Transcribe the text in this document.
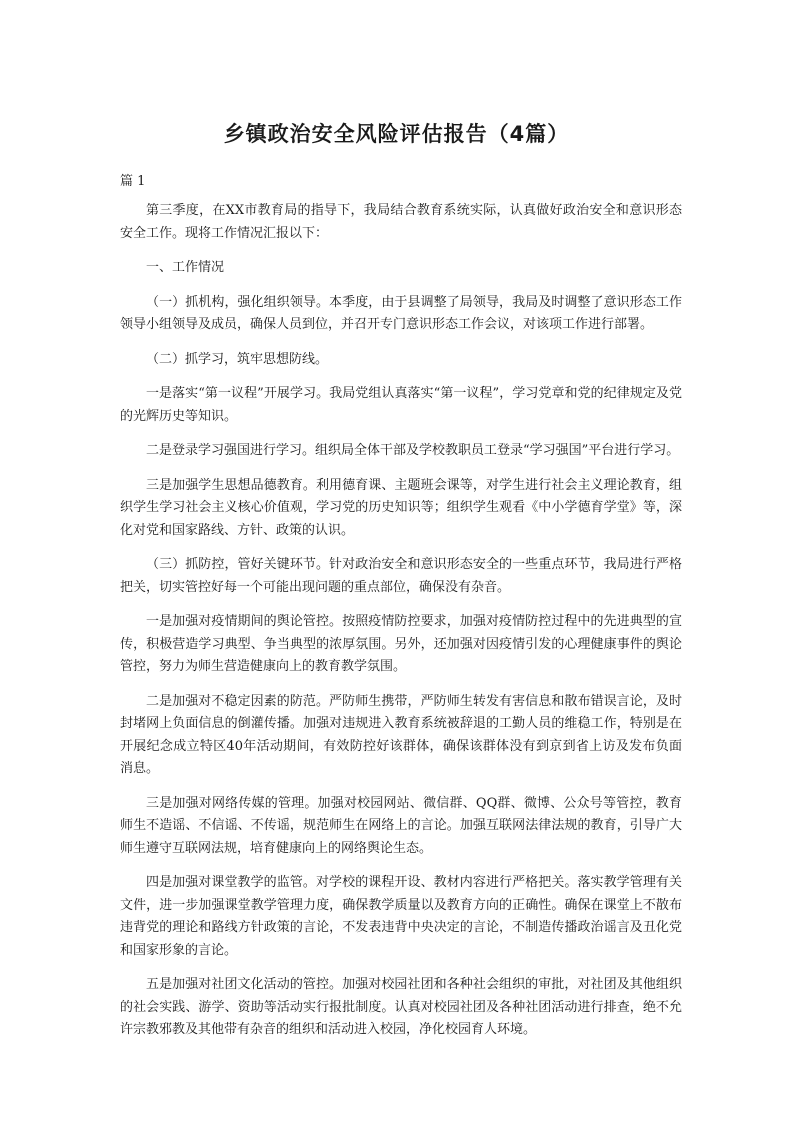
乡镇政治安全风险评估报告（4篇）

篇 1

第三季度，在XX市教育局的指导下，我局结合教育系统实际，认真做好政治安全和意识形态安全工作。现将工作情况汇报以下：

一、工作情况

（一）抓机构，强化组织领导。本季度，由于县调整了局领导，我局及时调整了意识形态工作领导小组领导及成员，确保人员到位，并召开专门意识形态工作会议，对该项工作进行部署。

（二）抓学习，筑牢思想防线。

一是落实“第一议程”开展学习。我局党组认真落实“第一议程”，学习党章和党的纪律规定及党的光辉历史等知识。

二是登录学习强国进行学习。组织局全体干部及学校教职员工登录“学习强国”平台进行学习。

三是加强学生思想品德教育。利用德育课、主题班会课等，对学生进行社会主义理论教育，组织学生学习社会主义核心价值观，学习党的历史知识等；组织学生观看《中小学德育学堂》等，深化对党和国家路线、方针、政策的认识。

（三）抓防控，管好关键环节。针对政治安全和意识形态安全的一些重点环节，我局进行严格把关，切实管控好每一个可能出现问题的重点部位，确保没有杂音。

一是加强对疫情期间的舆论管控。按照疫情防控要求，加强对疫情防控过程中的先进典型的宣传，积极营造学习典型、争当典型的浓厚氛围。另外，还加强对因疫情引发的心理健康事件的舆论管控，努力为师生营造健康向上的教育教学氛围。

二是加强对不稳定因素的防范。严防师生携带，严防师生转发有害信息和散布错误言论，及时封堵网上负面信息的倒灌传播。加强对违规进入教育系统被辞退的工勤人员的维稳工作，特别是在开展纪念成立特区40年活动期间，有效防控好该群体，确保该群体没有到京到省上访及发布负面消息。

三是加强对网络传媒的管理。加强对校园网站、微信群、QQ群、微博、公众号等管控，教育师生不造谣、不信谣、不传谣，规范师生在网络上的言论。加强互联网法律法规的教育，引导广大师生遵守互联网法规，培育健康向上的网络舆论生态。

四是加强对课堂教学的监管。对学校的课程开设、教材内容进行严格把关。落实教学管理有关文件，进一步加强课堂教学管理力度，确保教学质量以及教育方向的正确性。确保在课堂上不散布违背党的理论和路线方针政策的言论，不发表违背中央决定的言论，不制造传播政治谣言及丑化党和国家形象的言论。

五是加强对社团文化活动的管控。加强对校园社团和各种社会组织的审批，对社团及其他组织的社会实践、游学、资助等活动实行报批制度。认真对校园社团及各种社团活动进行排查，绝不允许宗教邪教及其他带有杂音的组织和活动进入校园，净化校园育人环境。
